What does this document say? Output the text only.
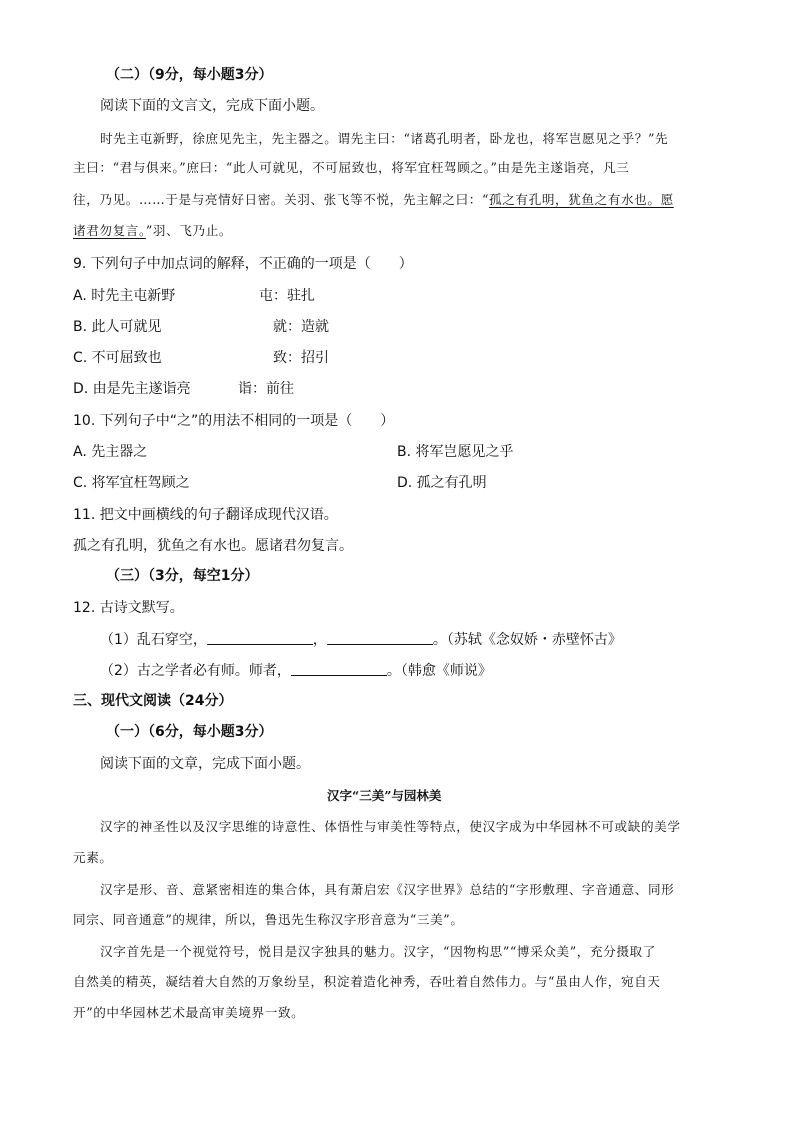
（二）（9分，每小题3分）
阅读下面的文言文，完成下面小题。
时先主屯新野，徐庶见先主，先主器之。谓先主曰：“诸葛孔明者，卧龙也，将军岂愿见之乎？”先
主曰：“君与俱来。”庶曰：“此人可就见，不可屈致也，将军宜枉驾顾之。”由是先主遂诣亮，凡三
往，乃见。……于是与亮情好日密。关羽、张飞等不悦，先主解之曰：“孤之有孔明，犹鱼之有水也。愿
诸君勿复言。”羽、飞乃止。
9. 下列句子中加点词的解释，不正确的一项是（　　）
A. 时先主屯新野	屯：驻扎
B. 此人可就见	就：造就
C. 不可屈致也	致：招引
D. 由是先主遂诣亮	诣：前往
10. 下列句子中“之”的用法不相同的一项是（　　）
A. 先主器之	B. 将军岂愿见之乎
C. 将军宜枉驾顾之	D. 孤之有孔明
11. 把文中画横线的句子翻译成现代汉语。
孤之有孔明，犹鱼之有水也。愿诸君勿复言。
（三）（3分，每空1分）
12. 古诗文默写。
（1）乱石穿空，	，	。（苏轼《念奴娇・赤壁怀古》
（2）古之学者必有师。师者，	。（韩愈《师说》
三、现代文阅读（24分）
（一）（6分，每小题3分）
阅读下面的文章，完成下面小题。
汉字“三美”与园林美
汉字的神圣性以及汉字思维的诗意性、体悟性与审美性等特点，使汉字成为中华园林不可或缺的美学
元素。
汉字是形、音、意紧密相连的集合体，具有萧启宏《汉字世界》总结的“字形敷理、字音通意、同形
同宗、同音通意”的规律，所以，鲁迅先生称汉字形音意为“三美”。
汉字首先是一个视觉符号，悦目是汉字独具的魅力。汉字，“因物构思”“博采众美”，充分摄取了
自然美的精英，凝结着大自然的万象纷呈，积淀着造化神秀，吞吐着自然伟力。与“虽由人作，宛自天
开”的中华园林艺术最高审美境界一致。
